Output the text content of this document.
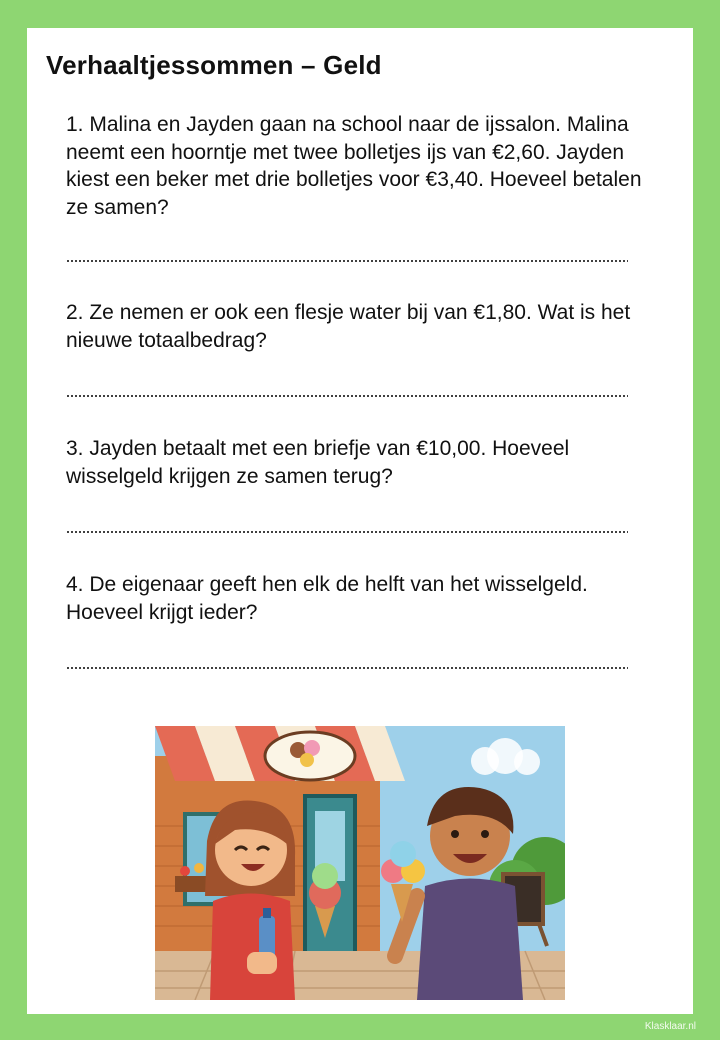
Verhaaltjessommen – Geld

1. Malina en Jayden gaan na school naar de ijssalon. Malina neemt een hoorntje met twee bolletjes ijs van €2,60. Jayden kiest een beker met drie bolletjes voor €3,40. Hoeveel betalen ze samen?

2. Ze nemen er ook een flesje water bij van €1,80. Wat is het nieuwe totaalbedrag?

3. Jayden betaalt met een briefje van €10,00. Hoeveel wisselgeld krijgen ze samen terug?

4. De eigenaar geeft hen elk de helft van het wisselgeld. Hoeveel krijgt ieder?

Klasklaar.nl
